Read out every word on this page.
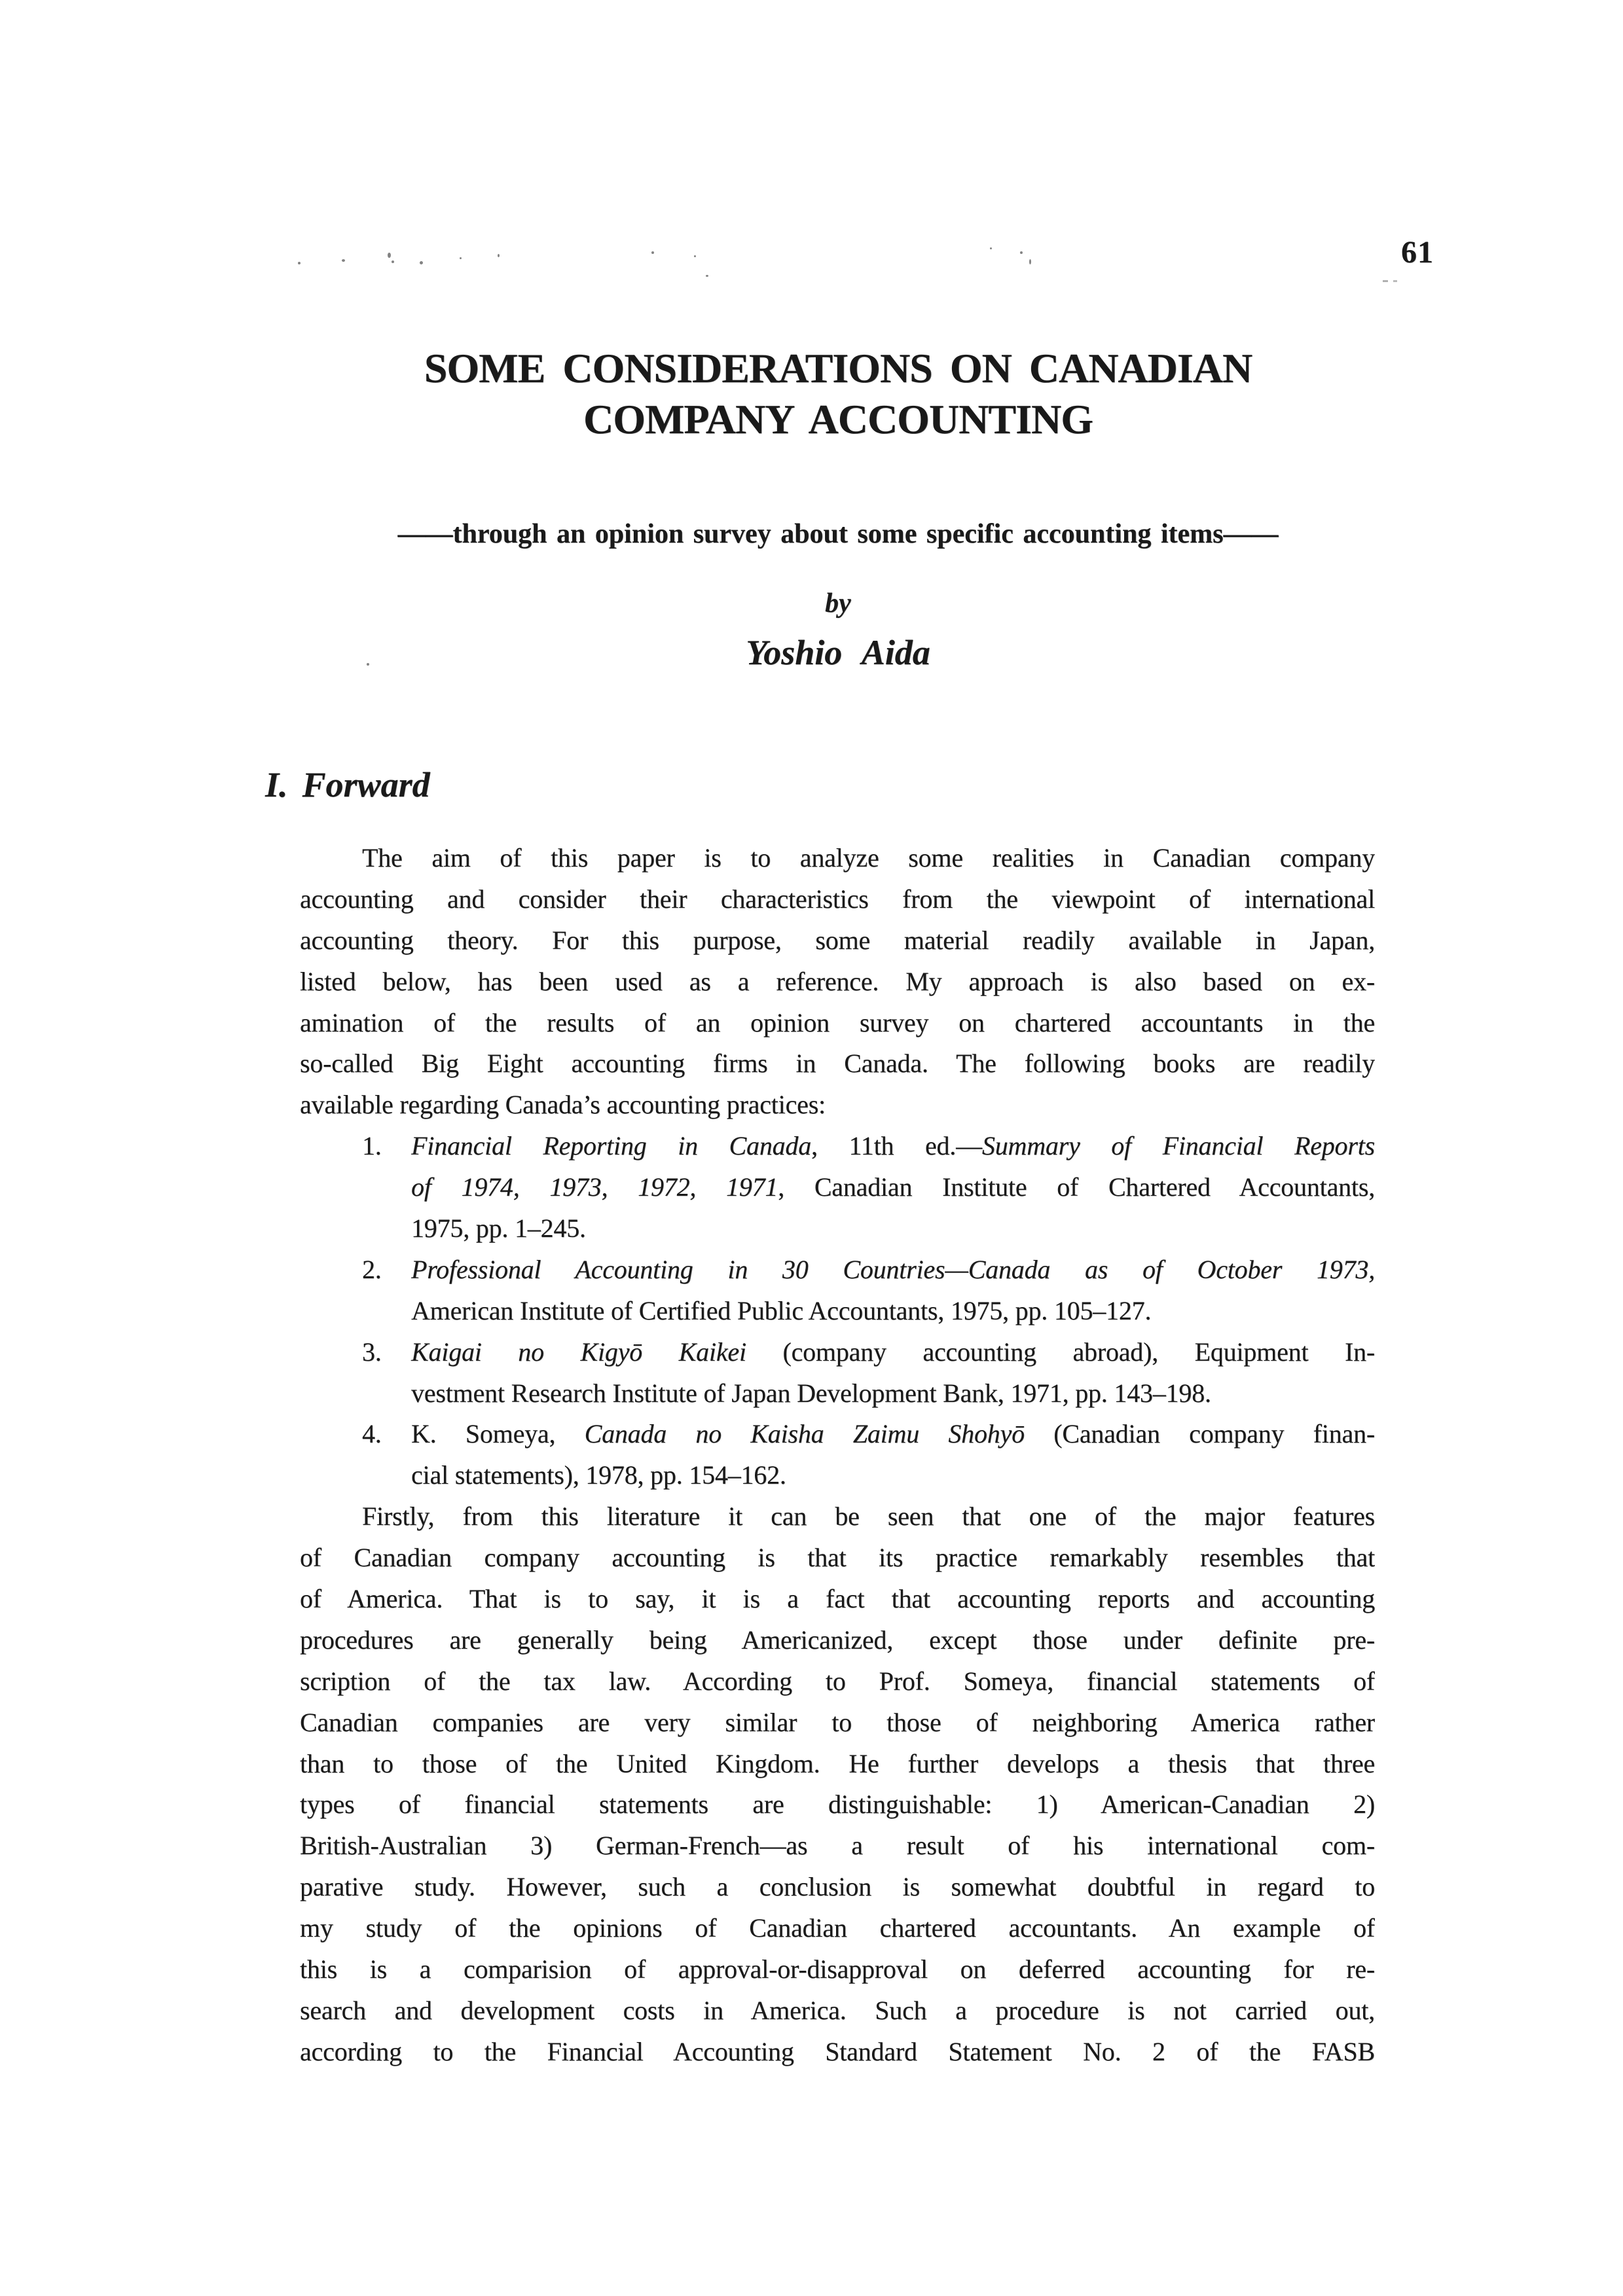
61
SOME CONSIDERATIONS ON CANADIAN
COMPANY ACCOUNTING
——through an opinion survey about some specific accounting items——
by
Yoshio Aida
I. Forward
The aim of this paper is to analyze some realities in Canadian company
accounting and consider their characteristics from the viewpoint of international
accounting theory. For this purpose, some material readily available in Japan,
listed below, has been used as a reference. My approach is also based on ex-
amination of the results of an opinion survey on chartered accountants in the
so-called Big Eight accounting firms in Canada. The following books are readily
available regarding Canada’s accounting practices:
1. Financial Reporting in Canada, 11th ed.—Summary of Financial Reports
of 1974, 1973, 1972, 1971, Canadian Institute of Chartered Accountants,
1975, pp. 1–245.
2. Professional Accounting in 30 Countries—Canada as of October 1973,
American Institute of Certified Public Accountants, 1975, pp. 105–127.
3. Kaigai no Kigyō Kaikei (company accounting abroad), Equipment In-
vestment Research Institute of Japan Development Bank, 1971, pp. 143–198.
4. K. Someya, Canada no Kaisha Zaimu Shohyō (Canadian company finan-
cial statements), 1978, pp. 154–162.
Firstly, from this literature it can be seen that one of the major features
of Canadian company accounting is that its practice remarkably resembles that
of America. That is to say, it is a fact that accounting reports and accounting
procedures are generally being Americanized, except those under definite pre-
scription of the tax law. According to Prof. Someya, financial statements of
Canadian companies are very similar to those of neighboring America rather
than to those of the United Kingdom. He further develops a thesis that three
types of financial statements are distinguishable: 1) American-Canadian 2)
British-Australian 3) German-French—as a result of his international com-
parative study. However, such a conclusion is somewhat doubtful in regard to
my study of the opinions of Canadian chartered accountants. An example of
this is a comparision of approval-or-disapproval on deferred accounting for re-
search and development costs in America. Such a procedure is not carried out,
according to the Financial Accounting Standard Statement No. 2 of the FASB
